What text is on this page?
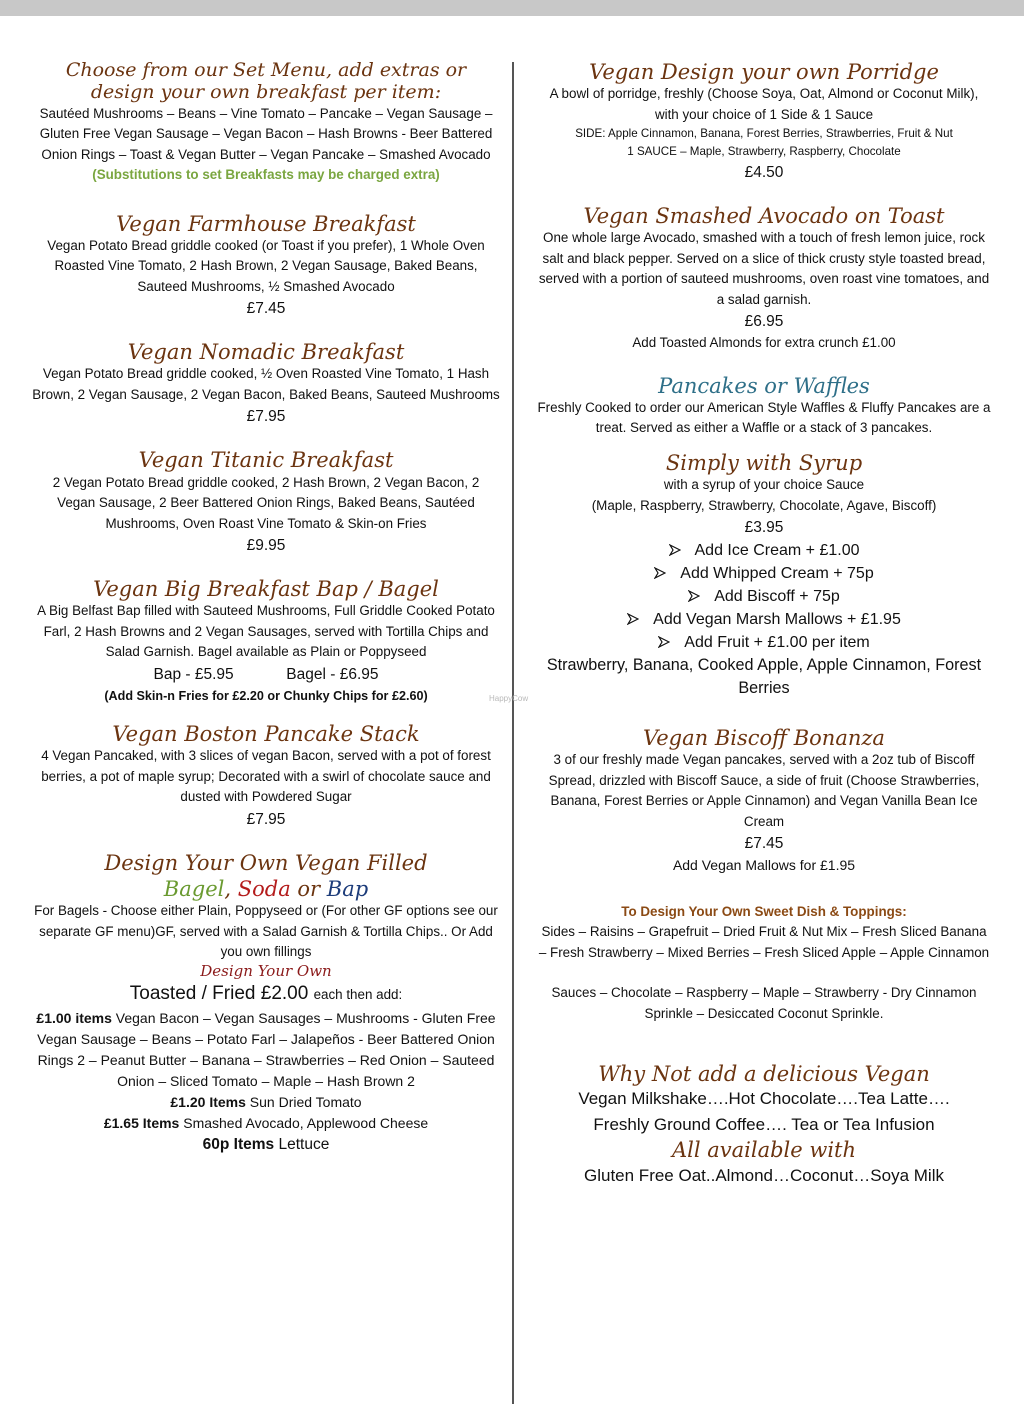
HappyCow
Choose from our Set Menu, add extras or
design your own breakfast per item:
Sautéed Mushrooms – Beans – Vine Tomato – Pancake – Vegan Sausage – Gluten Free Vegan Sausage – Vegan Bacon – Hash Browns - Beer Battered Onion Rings – Toast & Vegan Butter – Vegan Pancake – Smashed Avocado
(Substitutions to set Breakfasts may be charged extra)
Vegan Farmhouse Breakfast
Vegan Potato Bread griddle cooked (or Toast if you prefer), 1 Whole Oven Roasted Vine Tomato, 2 Hash Brown, 2 Vegan Sausage, Baked Beans, Sauteed Mushrooms, ½ Smashed Avocado
£7.45
Vegan Nomadic Breakfast
Vegan Potato Bread griddle cooked, ½ Oven Roasted Vine Tomato, 1 Hash Brown, 2 Vegan Sausage, 2 Vegan Bacon, Baked Beans, Sauteed Mushrooms
£7.95
Vegan Titanic Breakfast
2 Vegan Potato Bread griddle cooked, 2 Hash Brown, 2 Vegan Bacon, 2 Vegan Sausage, 2 Beer Battered Onion Rings, Baked Beans, Sautéed Mushrooms, Oven Roast Vine Tomato & Skin-on Fries
£9.95
Vegan Big Breakfast Bap / Bagel
A Big Belfast Bap filled with Sauteed Mushrooms, Full Griddle Cooked Potato Farl, 2 Hash Browns and 2 Vegan Sausages, served with Tortilla Chips and Salad Garnish. Bagel available as Plain or Poppyseed
Bap - £5.95	Bagel - £6.95
(Add Skin-n Fries for £2.20 or Chunky Chips for £2.60)
Vegan Boston Pancake Stack
4 Vegan Pancaked, with 3 slices of vegan Bacon, served with a pot of forest berries, a pot of maple syrup; Decorated with a swirl of chocolate sauce and dusted with Powdered Sugar
£7.95
Design Your Own Vegan Filled
Bagel, Soda or Bap
For Bagels - Choose either Plain, Poppyseed or (For other GF options see our separate GF menu)GF, served with a Salad Garnish & Tortilla Chips.. Or Add you own fillings
Design Your Own
Toasted / Fried £2.00 each then add:
£1.00 items Vegan Bacon – Vegan Sausages – Mushrooms - Gluten Free Vegan Sausage – Beans – Potato Farl – Jalapeños - Beer Battered Onion Rings 2 – Peanut Butter – Banana – Strawberries – Red Onion – Sauteed Onion – Sliced Tomato – Maple – Hash Brown 2
£1.20 Items Sun Dried Tomato
£1.65 Items Smashed Avocado, Applewood Cheese
60p Items Lettuce
Vegan Design your own Porridge
A bowl of porridge, freshly (Choose Soya, Oat, Almond or Coconut Milk), with your choice of 1 Side & 1 Sauce
SIDE: Apple Cinnamon, Banana, Forest Berries, Strawberries, Fruit & Nut
1 SAUCE – Maple, Strawberry, Raspberry, Chocolate
£4.50
Vegan Smashed Avocado on Toast
One whole large Avocado, smashed with a touch of fresh lemon juice, rock salt and black pepper. Served on a slice of thick crusty style toasted bread, served with a portion of sauteed mushrooms, oven roast vine tomatoes, and a salad garnish.
£6.95
Add Toasted Almonds for extra crunch £1.00
Pancakes or Waffles
Freshly Cooked to order our American Style Waffles & Fluffy Pancakes are a treat. Served as either a Waffle or a stack of 3 pancakes.
Simply with Syrup
with a syrup of your choice Sauce
(Maple, Raspberry, Strawberry, Chocolate, Agave, Biscoff)
£3.95
Add Ice Cream + £1.00
Add Whipped Cream + 75p
Add Biscoff + 75p
Add Vegan Marsh Mallows + £1.95
Add Fruit + £1.00 per item
Strawberry, Banana, Cooked Apple, Apple Cinnamon, Forest Berries
Vegan Biscoff Bonanza
3 of our freshly made Vegan pancakes, served with a 2oz tub of Biscoff Spread, drizzled with Biscoff Sauce, a side of fruit (Choose Strawberries, Banana, Forest Berries or Apple Cinnamon) and Vegan Vanilla Bean Ice Cream
£7.45
Add Vegan Mallows for £1.95
To Design Your Own Sweet Dish & Toppings:
Sides – Raisins – Grapefruit – Dried Fruit & Nut Mix – Fresh Sliced Banana – Fresh Strawberry – Mixed Berries – Fresh Sliced Apple – Apple Cinnamon
Sauces – Chocolate – Raspberry – Maple – Strawberry - Dry Cinnamon Sprinkle – Desiccated Coconut Sprinkle.
Why Not add a delicious Vegan
Vegan Milkshake….Hot Chocolate….Tea Latte….
Freshly Ground Coffee…. Tea or Tea Infusion
All available with
Gluten Free Oat..Almond…Coconut…Soya Milk
